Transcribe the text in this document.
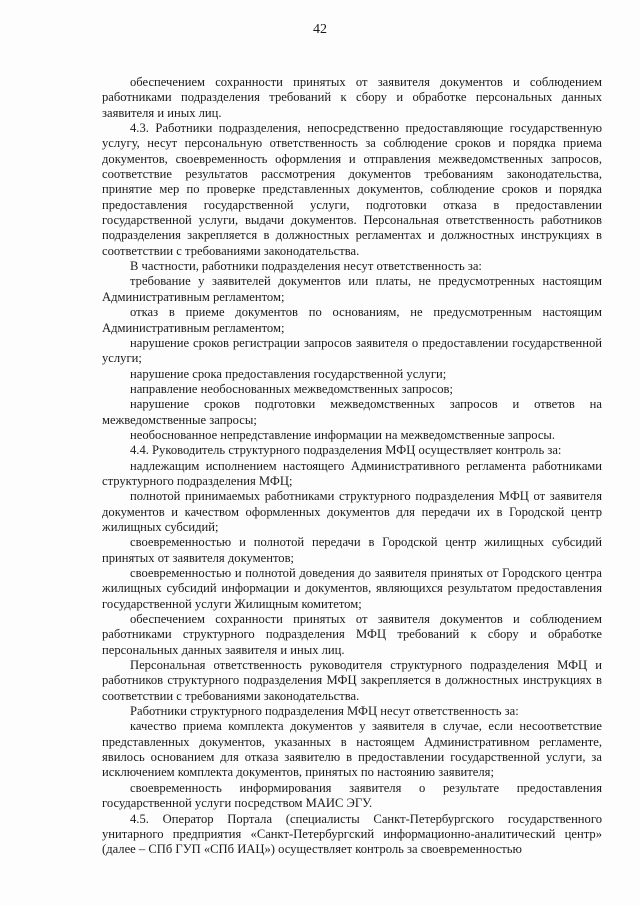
42

обеспечением сохранности принятых от заявителя документов и соблюдением работниками подразделения требований к сбору и обработке персональных данных заявителя и иных лиц.

4.3. Работники подразделения, непосредственно предоставляющие государственную услугу, несут персональную ответственность за соблюдение сроков и порядка приема документов, своевременность оформления и отправления межведомственных запросов, соответствие результатов рассмотрения документов требованиям законодательства, принятие мер по проверке представленных документов, соблюдение сроков и порядка предоставления государственной услуги, подготовки отказа в предоставлении государственной услуги, выдачи документов. Персональная ответственность работников подразделения закрепляется в должностных регламентах и должностных инструкциях в соответствии с требованиями законодательства.

В частности, работники подразделения несут ответственность за:

требование у заявителей документов или платы, не предусмотренных настоящим Административным регламентом;

отказ в приеме документов по основаниям, не предусмотренным настоящим Административным регламентом;

нарушение сроков регистрации запросов заявителя о предоставлении государственной услуги;

нарушение срока предоставления государственной услуги;

направление необоснованных межведомственных запросов;

нарушение сроков подготовки межведомственных запросов и ответов на межведомственные запросы;

необоснованное непредставление информации на межведомственные запросы.

4.4. Руководитель структурного подразделения МФЦ осуществляет контроль за:

надлежащим исполнением настоящего Административного регламента работниками структурного подразделения МФЦ;

полнотой принимаемых работниками структурного подразделения МФЦ от заявителя документов и качеством оформленных документов для передачи их в Городской центр жилищных субсидий;

своевременностью и полнотой передачи в Городской центр жилищных субсидий принятых от заявителя документов;

своевременностью и полнотой доведения до заявителя принятых от Городского центра жилищных субсидий информации и документов, являющихся результатом предоставления государственной услуги Жилищным комитетом;

обеспечением сохранности принятых от заявителя документов и соблюдением работниками структурного подразделения МФЦ требований к сбору и обработке персональных данных заявителя и иных лиц.

Персональная ответственность руководителя структурного подразделения МФЦ и работников структурного подразделения МФЦ закрепляется в должностных инструкциях в соответствии с требованиями законодательства.

Работники структурного подразделения МФЦ несут ответственность за:

качество приема комплекта документов у заявителя в случае, если несоответствие представленных документов, указанных в настоящем Административном регламенте, явилось основанием для отказа заявителю в предоставлении государственной услуги, за исключением комплекта документов, принятых по настоянию заявителя;

своевременность информирования заявителя о результате предоставления государственной услуги посредством МАИС ЭГУ.

4.5. Оператор Портала (специалисты Санкт-Петербургского государственного унитарного предприятия «Санкт-Петербургский информационно-аналитический центр» (далее – СПб ГУП «СПб ИАЦ») осуществляет контроль за своевременностью
